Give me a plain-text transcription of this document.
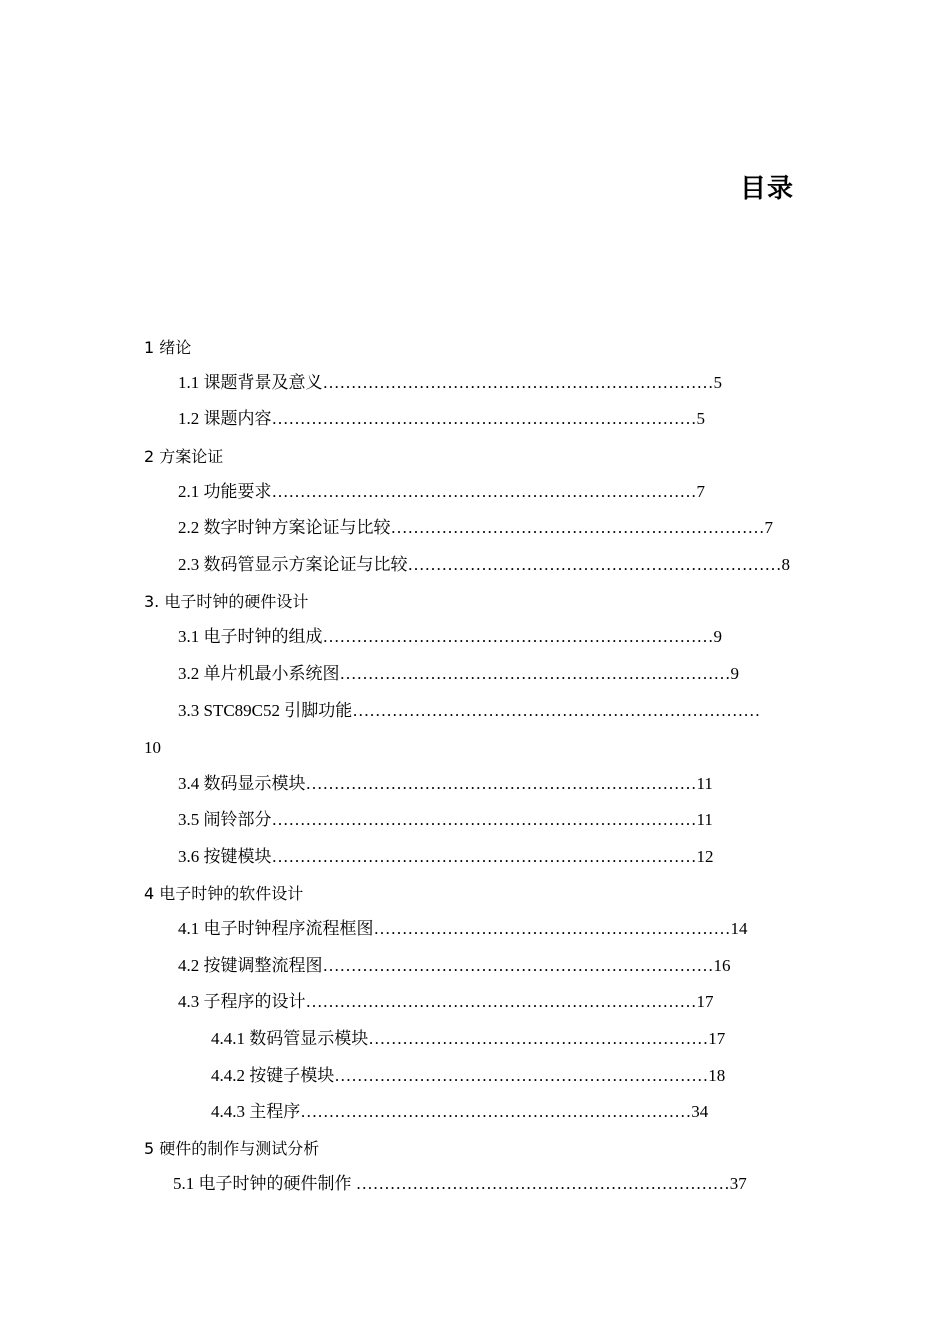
目录
1 绪论
1.1 课题背景及意义……………………………………………………………5
1.2 课题内容…………………………………………………………………5
2 方案论证
2.1 功能要求…………………………………………………………………7
2.2 数字时钟方案论证与比较…………………………………………………………7
2.3 数码管显示方案论证与比较…………………………………………………………8
3. 电子时钟的硬件设计
3.1 电子时钟的组成……………………………………………………………9
3.2 单片机最小系统图……………………………………………………………9
3.3 STC89C52 引脚功能………………………………………………………………
10
3.4 数码显示模块……………………………………………………………11
3.5 闹铃部分…………………………………………………………………11
3.6 按键模块…………………………………………………………………12
4 电子时钟的软件设计
4.1 电子时钟程序流程框图………………………………………………………14
4.2 按键调整流程图……………………………………………………………16
4.3 子程序的设计……………………………………………………………17
4.4.1 数码管显示模块……………………………………………………17
4.4.2 按键子模块…………………………………………………………18
4.4.3 主程序……………………………………………………………34
5 硬件的制作与测试分析
5.1 电子时钟的硬件制作 …………………………………………………………37
